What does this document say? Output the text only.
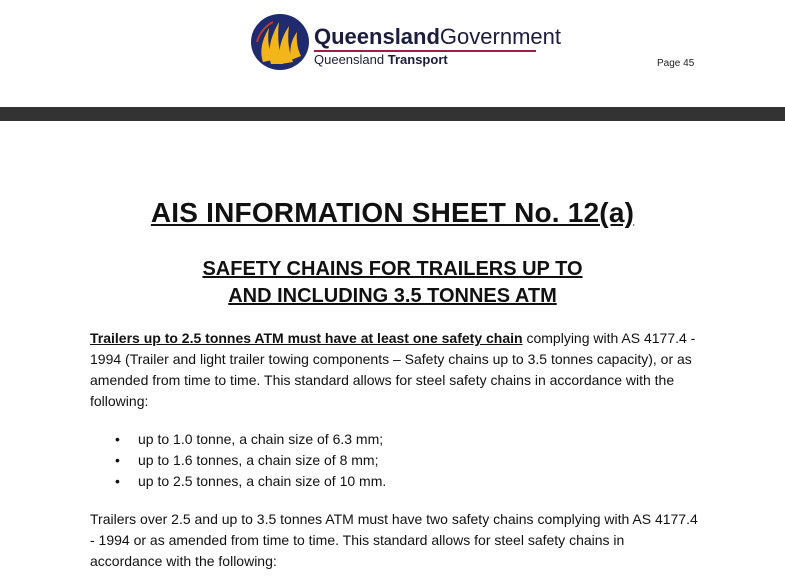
QueenslandGovernment
Queensland Transport	Page 45
AIS INFORMATION SHEET No. 12(a)
SAFETY CHAINS FOR TRAILERS UP TO
AND INCLUDING 3.5 TONNES ATM

Trailers up to 2.5 tonnes ATM must have at least one safety chain complying with AS 4177.4 - 1994 (Trailer and light trailer towing components – Safety chains up to 3.5 tonnes capacity), or as amended from time to time. This standard allows for steel safety chains in accordance with the following:

• up to 1.0 tonne, a chain size of 6.3 mm;
• up to 1.6 tonnes, a chain size of 8 mm;
• up to 2.5 tonnes, a chain size of 10 mm.

Trailers over 2.5 and up to 3.5 tonnes ATM must have two safety chains complying with AS 4177.4 - 1994 or as amended from time to time. This standard allows for steel safety chains in accordance with the following:
